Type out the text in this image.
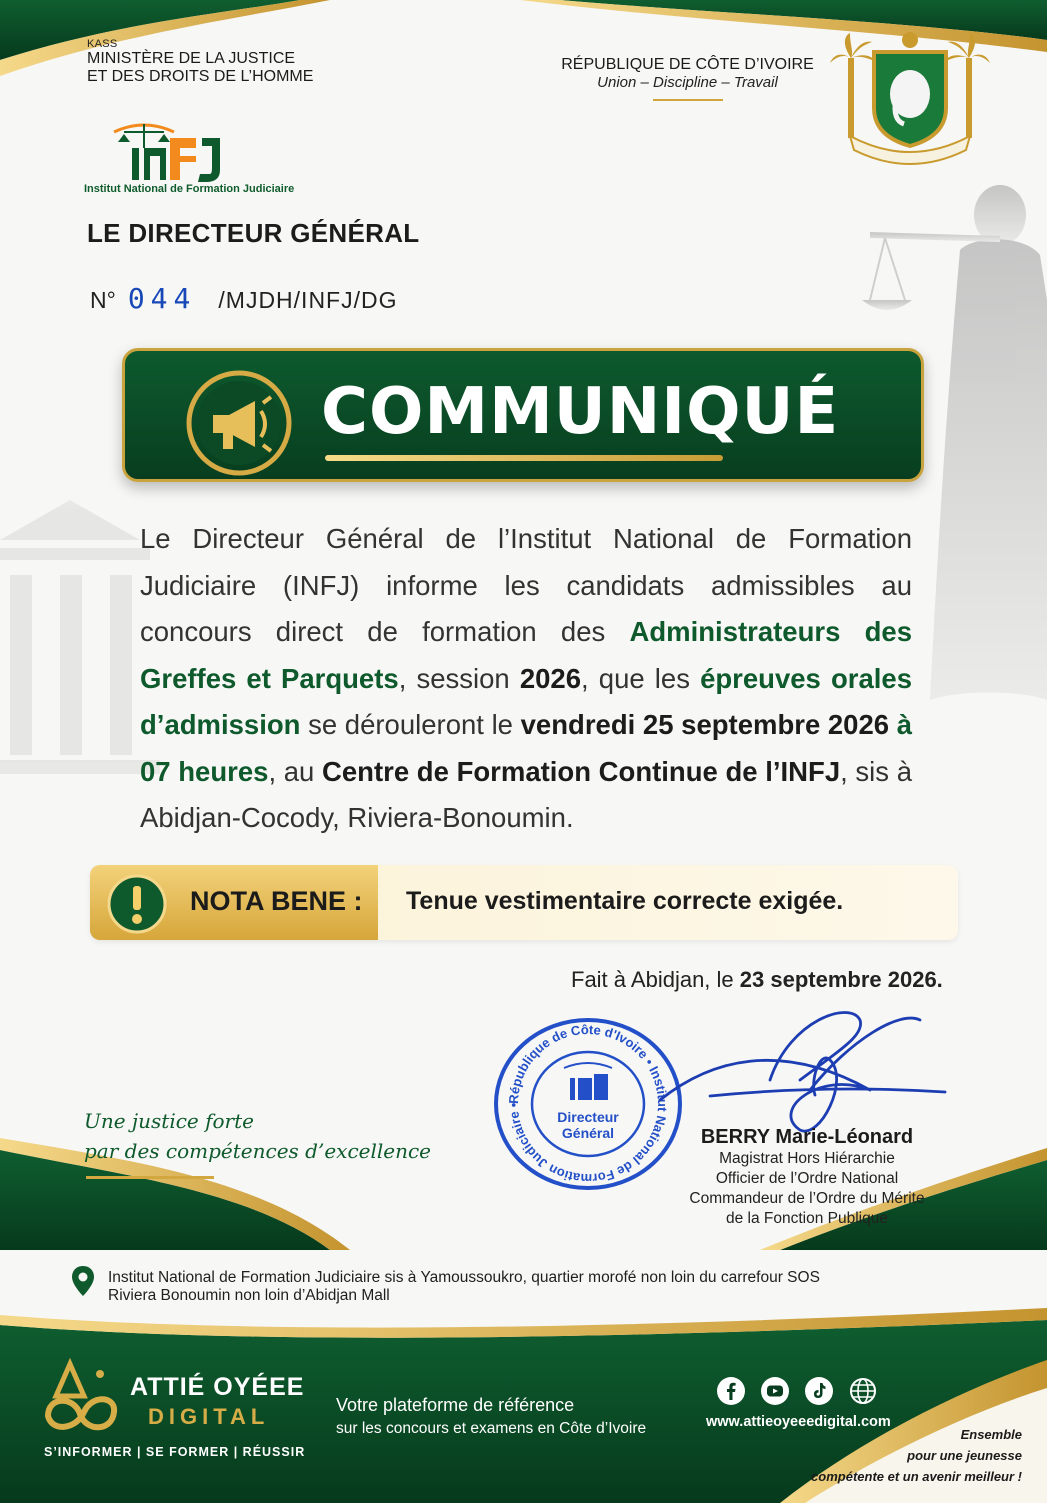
KASS
MINISTÈRE DE LA JUSTICE
ET DES DROITS DE L’HOMME
Institut National de Formation Judiciaire
LE DIRECTEUR GÉNÉRAL
N° 044 /MJDH/INFJ/DG
RÉPUBLIQUE DE CÔTE D’IVOIRE
Union – Discipline – Travail
COMMUNIQUÉ
Le Directeur Général de l’Institut National de Formation Judiciaire (INFJ) informe les candidats admissibles au concours direct de formation des Administrateurs des Greffes et Parquets, session 2026, que les épreuves orales d’admission se dérouleront le vendredi 25 septembre 2026 à 07 heures, au Centre de Formation Continue de l’INFJ, sis à Abidjan-Cocody, Riviera-Bonoumin.
NOTA BENE : Tenue vestimentaire correcte exigée.
Fait à Abidjan, le 23 septembre 2026.
République de Côte d'Ivoire • Institut National de Formation Judiciaire •
Directeur
Général	BERRY Marie-Léonard
Magistrat Hors Hiérarchie
Officier de l’Ordre National
Commandeur de l’Ordre du Mérite
de la Fonction Publique
Une justice forte
par des compétences d’excellence
Institut National de Formation Judiciaire sis à Yamoussoukro, quartier morofé non loin du carrefour SOS
Riviera Bonoumin non loin d’Abidjan Mall
ATTIÉ OYÉEE
DIGITAL
S’INFORMER | SE FORMER | RÉUSSIR
Votre plateforme de référence
sur les concours et examens en Côte d’Ivoire	www.attieoyeeedigital.com
Ensemble
pour une jeunesse
compétente et un avenir meilleur !
